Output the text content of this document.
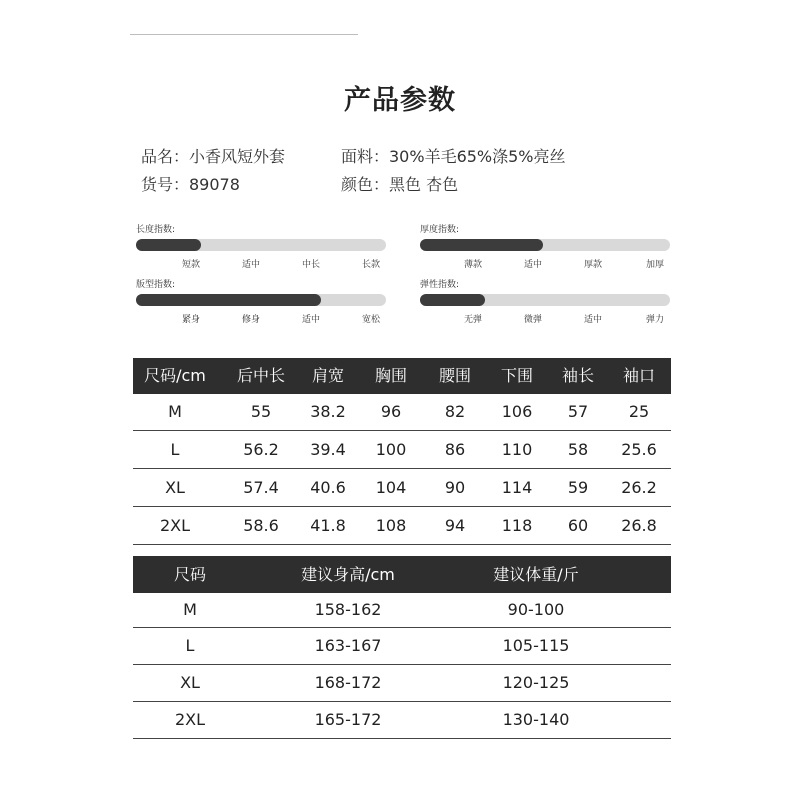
产品参数
品名：小香风短外套	面料：30%羊毛65%涤5%亮丝
货号：89078	颜色：黑色 杏色
长度指数:
短款	适中	中长	长款
厚度指数:
薄款	适中	厚款	加厚
版型指数:
紧身	修身	适中	宽松
弹性指数:
无弹	微弹	适中	弹力
尺码/cm 后中长 肩宽 胸围 腰围 下围 袖长 袖口
M	55 38.2 96	82 106 57	25
L	56.2 39.4 100 86 110 58 25.6
XL	57.4 40.6 104 90 114 59 26.2
2XL	58.6 41.8 108 94 118 60 26.8
尺码	建议身高/cm	建议体重/斤
M	158-162	90-100
L	163-167	105-115
XL	168-172	120-125
2XL	165-172	130-140
